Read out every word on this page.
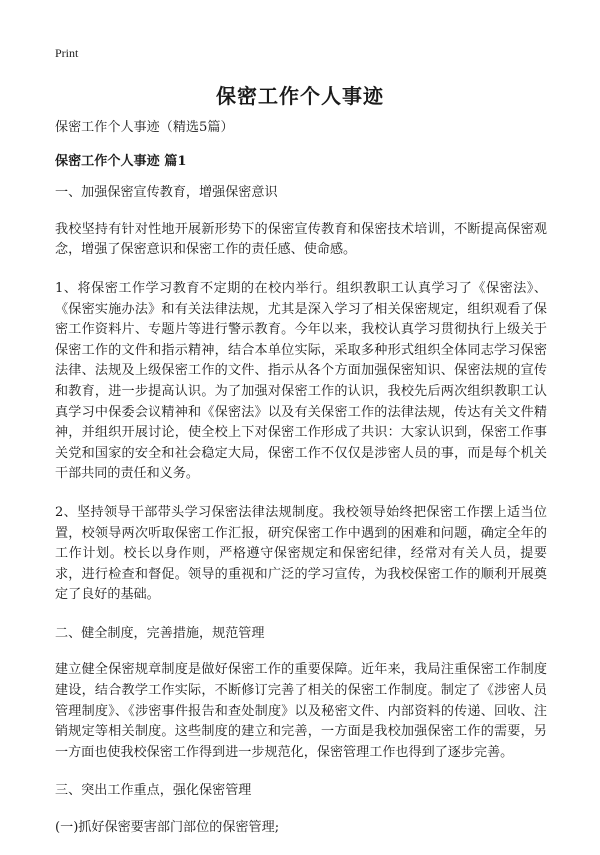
Print
保密工作个人事迹

保密工作个人事迹（精选5篇）

保密工作个人事迹 篇1

一、加强保密宣传教育，增强保密意识

我校坚持有针对性地开展新形势下的保密宣传教育和保密技术培训，不断提高保密观念，增强了保密意识和保密工作的责任感、使命感。

1、将保密工作学习教育不定期的在校内举行。组织教职工认真学习了《保密法》、《保密实施办法》和有关法律法规，尤其是深入学习了相关保密规定，组织观看了保密工作资料片、专题片等进行警示教育。今年以来，我校认真学习贯彻执行上级关于保密工作的文件和指示精神，结合本单位实际，采取多种形式组织全体同志学习保密法律、法规及上级保密工作的文件、指示从各个方面加强保密知识、保密法规的宣传和教育，进一步提高认识。为了加强对保密工作的认识，我校先后两次组织教职工认真学习中保委会议精神和《保密法》以及有关保密工作的法律法规，传达有关文件精神，并组织开展讨论，使全校上下对保密工作形成了共识：大家认识到，保密工作事关党和国家的安全和社会稳定大局，保密工作不仅仅是涉密人员的事，而是每个机关干部共同的责任和义务。

2、坚持领导干部带头学习保密法律法规制度。我校领导始终把保密工作摆上适当位置，校领导两次听取保密工作汇报，研究保密工作中遇到的困难和问题，确定全年的工作计划。校长以身作则，严格遵守保密规定和保密纪律，经常对有关人员，提要求，进行检查和督促。领导的重视和广泛的学习宣传，为我校保密工作的顺利开展奠定了良好的基础。

二、健全制度，完善措施，规范管理

建立健全保密规章制度是做好保密工作的重要保障。近年来，我局注重保密工作制度建设，结合教学工作实际，不断修订完善了相关的保密工作制度。制定了《涉密人员管理制度》、《涉密事件报告和查处制度》以及秘密文件、内部资料的传递、回收、注销规定等相关制度。这些制度的建立和完善，一方面是我校加强保密工作的需要，另一方面也使我校保密工作得到进一步规范化，保密管理工作也得到了逐步完善。

三、突出工作重点，强化保密管理

(一)抓好保密要害部门部位的保密管理;
